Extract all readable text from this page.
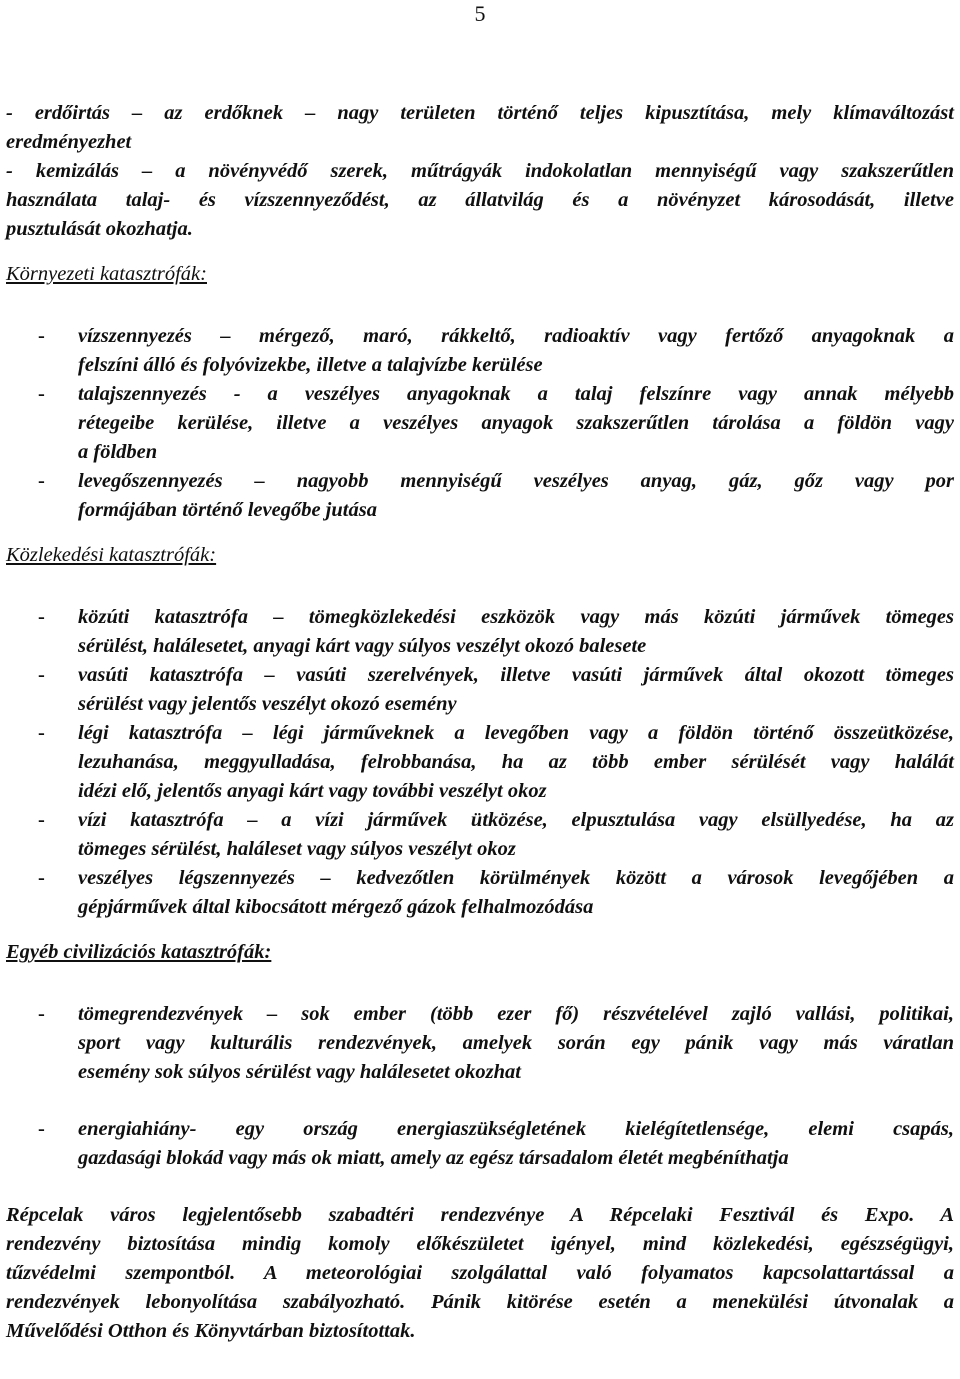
5
- erdőirtás – az erdőknek – nagy területen történő teljes kipusztítása, mely klímaváltozást
eredményezhet
- kemizálás – a növényvédő szerek, műtrágyák indokolatlan mennyiségű vagy szakszerűtlen
használata talaj- és vízszennyeződést, az állatvilág és a növényzet károsodását, illetve
pusztulását okozhatja.
Környezeti katasztrófák:
- vízszennyezés – mérgező, maró, rákkeltő, radioaktív vagy fertőző anyagoknak a
felszíni álló és folyóvizekbe, illetve a talajvízbe kerülése
- talajszennyezés - a veszélyes anyagoknak a talaj felszínre vagy annak mélyebb
rétegeibe kerülése, illetve a veszélyes anyagok szakszerűtlen tárolása a földön vagy
a földben
- levegőszennyezés – nagyobb mennyiségű veszélyes anyag, gáz, gőz vagy por
formájában történő levegőbe jutása
Közlekedési katasztrófák:
- közúti katasztrófa – tömegközlekedési eszközök vagy más közúti járművek tömeges
sérülést, halálesetet, anyagi kárt vagy súlyos veszélyt okozó balesete
- vasúti katasztrófa – vasúti szerelvények, illetve vasúti járművek által okozott tömeges
sérülést vagy jelentős veszélyt okozó esemény
- légi katasztrófa – légi járműveknek a levegőben vagy a földön történő összeütközése,
lezuhanása, meggyulladása, felrobbanása, ha az több ember sérülését vagy halálát
idézi elő, jelentős anyagi kárt vagy további veszélyt okoz
- vízi katasztrófa – a vízi járművek ütközése, elpusztulása vagy elsüllyedése, ha az
tömeges sérülést, haláleset vagy súlyos veszélyt okoz
- veszélyes légszennyezés – kedvezőtlen körülmények között a városok levegőjében a
gépjárművek által kibocsátott mérgező gázok felhalmozódása
Egyéb civilizációs katasztrófák:
- tömegrendezvények – sok ember (több ezer fő) részvételével zajló vallási, politikai,
sport vagy kulturális rendezvények, amelyek során egy pánik vagy más váratlan
esemény sok súlyos sérülést vagy halálesetet okozhat
- energiahiány- egy ország energiaszükségletének kielégítetlensége, elemi csapás,
gazdasági blokád vagy más ok miatt, amely az egész társadalom életét megbéníthatja
Répcelak város legjelentősebb szabadtéri rendezvénye A Répcelaki Fesztivál és Expo. A
rendezvény biztosítása mindig komoly előkészületet igényel, mind közlekedési, egészségügyi,
tűzvédelmi szempontból. A meteorológiai szolgálattal való folyamatos kapcsolattartással a
rendezvények lebonyolítása szabályozható. Pánik kitörése esetén a menekülési útvonalak a
Művelődési Otthon és Könyvtárban biztosítottak.
